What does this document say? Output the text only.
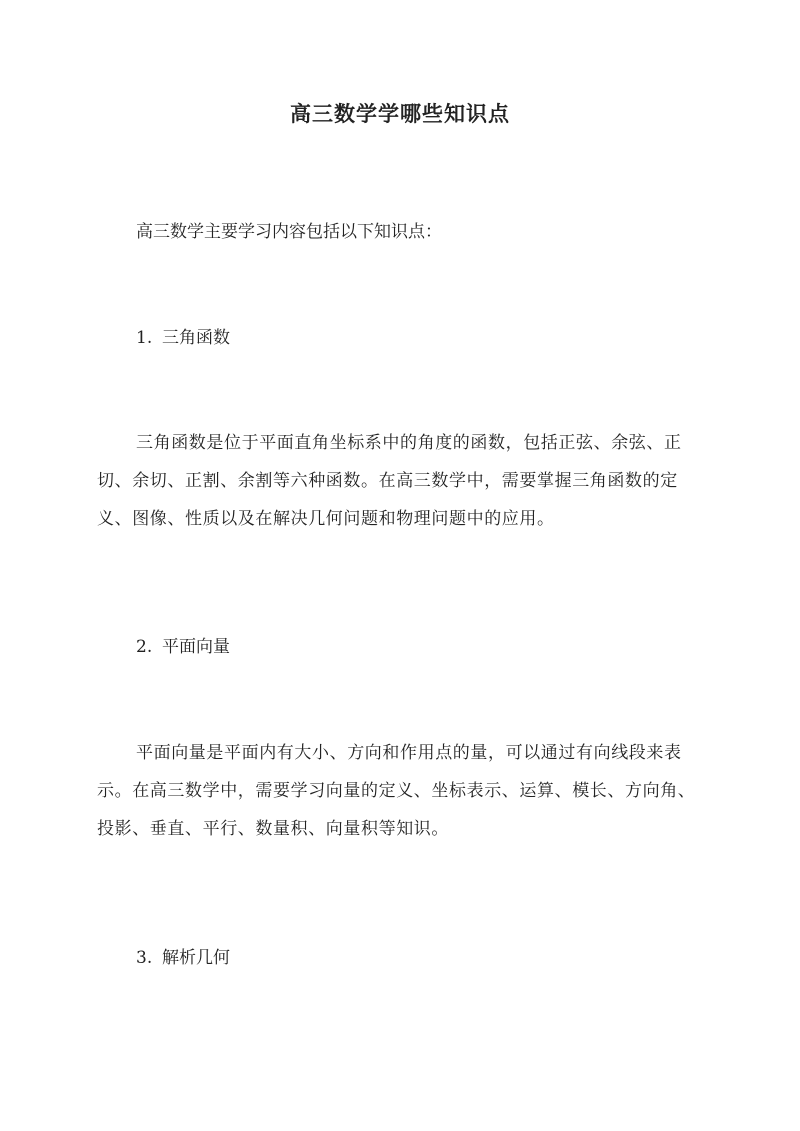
高三数学学哪些知识点

高三数学主要学习内容包括以下知识点：

1. 三角函数

三角函数是位于平面直角坐标系中的角度的函数，包括正弦、余弦、正切、余切、正割、余割等六种函数。在高三数学中，需要掌握三角函数的定义、图像、性质以及在解决几何问题和物理问题中的应用。

2. 平面向量

平面向量是平面内有大小、方向和作用点的量，可以通过有向线段来表示。在高三数学中，需要学习向量的定义、坐标表示、运算、模长、方向角、投影、垂直、平行、数量积、向量积等知识。

3. 解析几何
